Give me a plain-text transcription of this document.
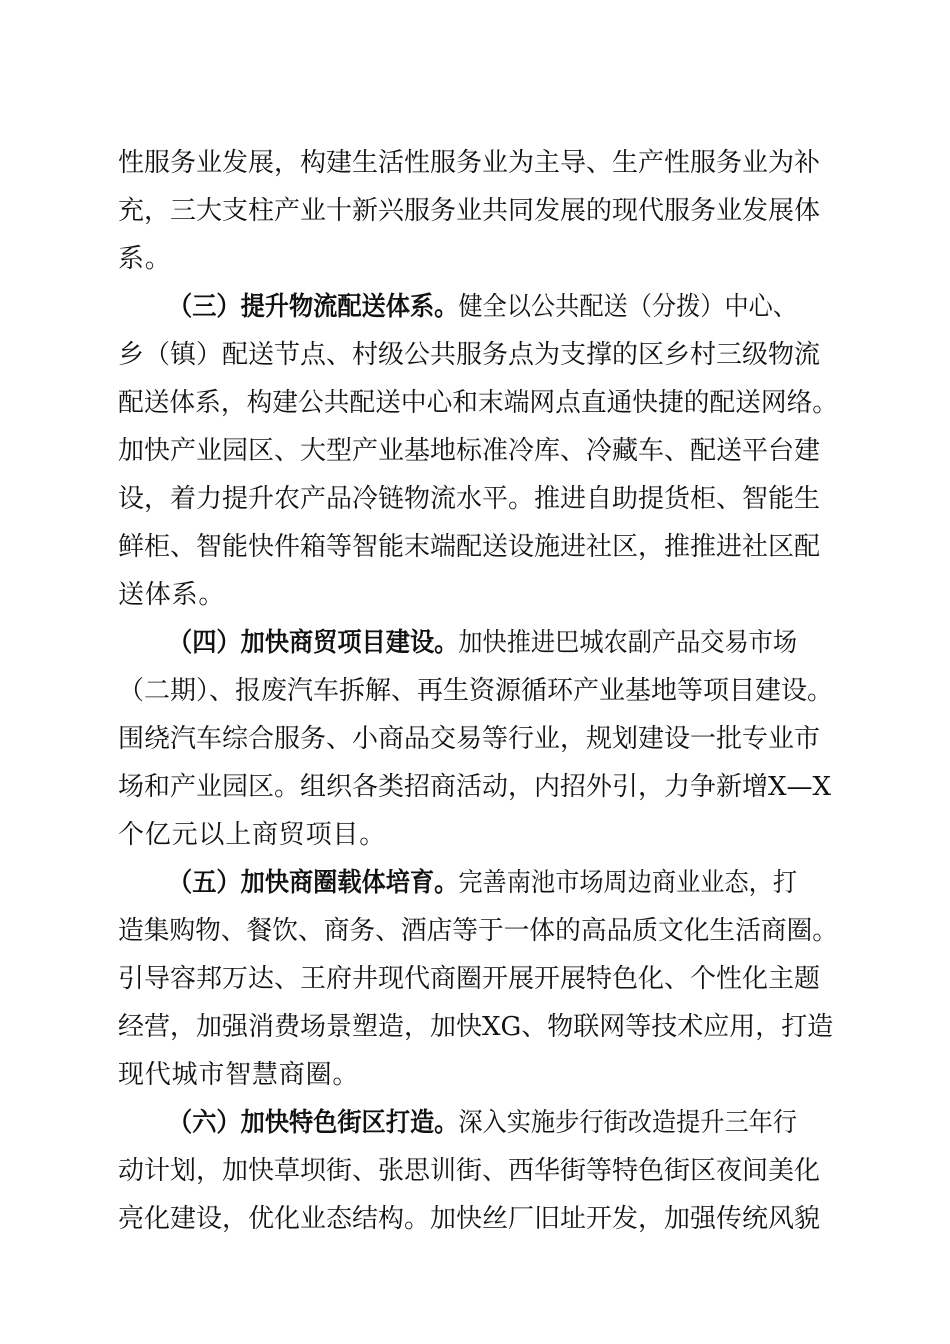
性服务业发展，构建生活性服务业为主导、生产性服务业为补
充，三大支柱产业十新兴服务业共同发展的现代服务业发展体
系。
（三）提升物流配送体系。健全以公共配送（分拨）中心、
乡（镇）配送节点、村级公共服务点为支撑的区乡村三级物流
配送体系，构建公共配送中心和末端网点直通快捷的配送网络。
加快产业园区、大型产业基地标准冷库、冷藏车、配送平台建
设，着力提升农产品冷链物流水平。推进自助提货柜、智能生
鲜柜、智能快件箱等智能末端配送设施进社区，推推进社区配
送体系。
（四）加快商贸项目建设。加快推进巴城农副产品交易市场
（二期）、报废汽车拆解、再生资源循环产业基地等项目建设。
围绕汽车综合服务、小商品交易等行业，规划建设一批专业市
场和产业园区。组织各类招商活动，内招外引，力争新增X—X
个亿元以上商贸项目。
（五）加快商圈载体培育。完善南池市场周边商业业态，打
造集购物、餐饮、商务、酒店等于一体的高品质文化生活商圈。
引导容邦万达、王府井现代商圈开展开展特色化、个性化主题
经营，加强消费场景塑造，加快XG、物联网等技术应用，打造
现代城市智慧商圈。
（六）加快特色街区打造。深入实施步行街改造提升三年行
动计划，加快草坝街、张思训街、西华街等特色街区夜间美化
亮化建设，优化业态结构。加快丝厂旧址开发，加强传统风貌
